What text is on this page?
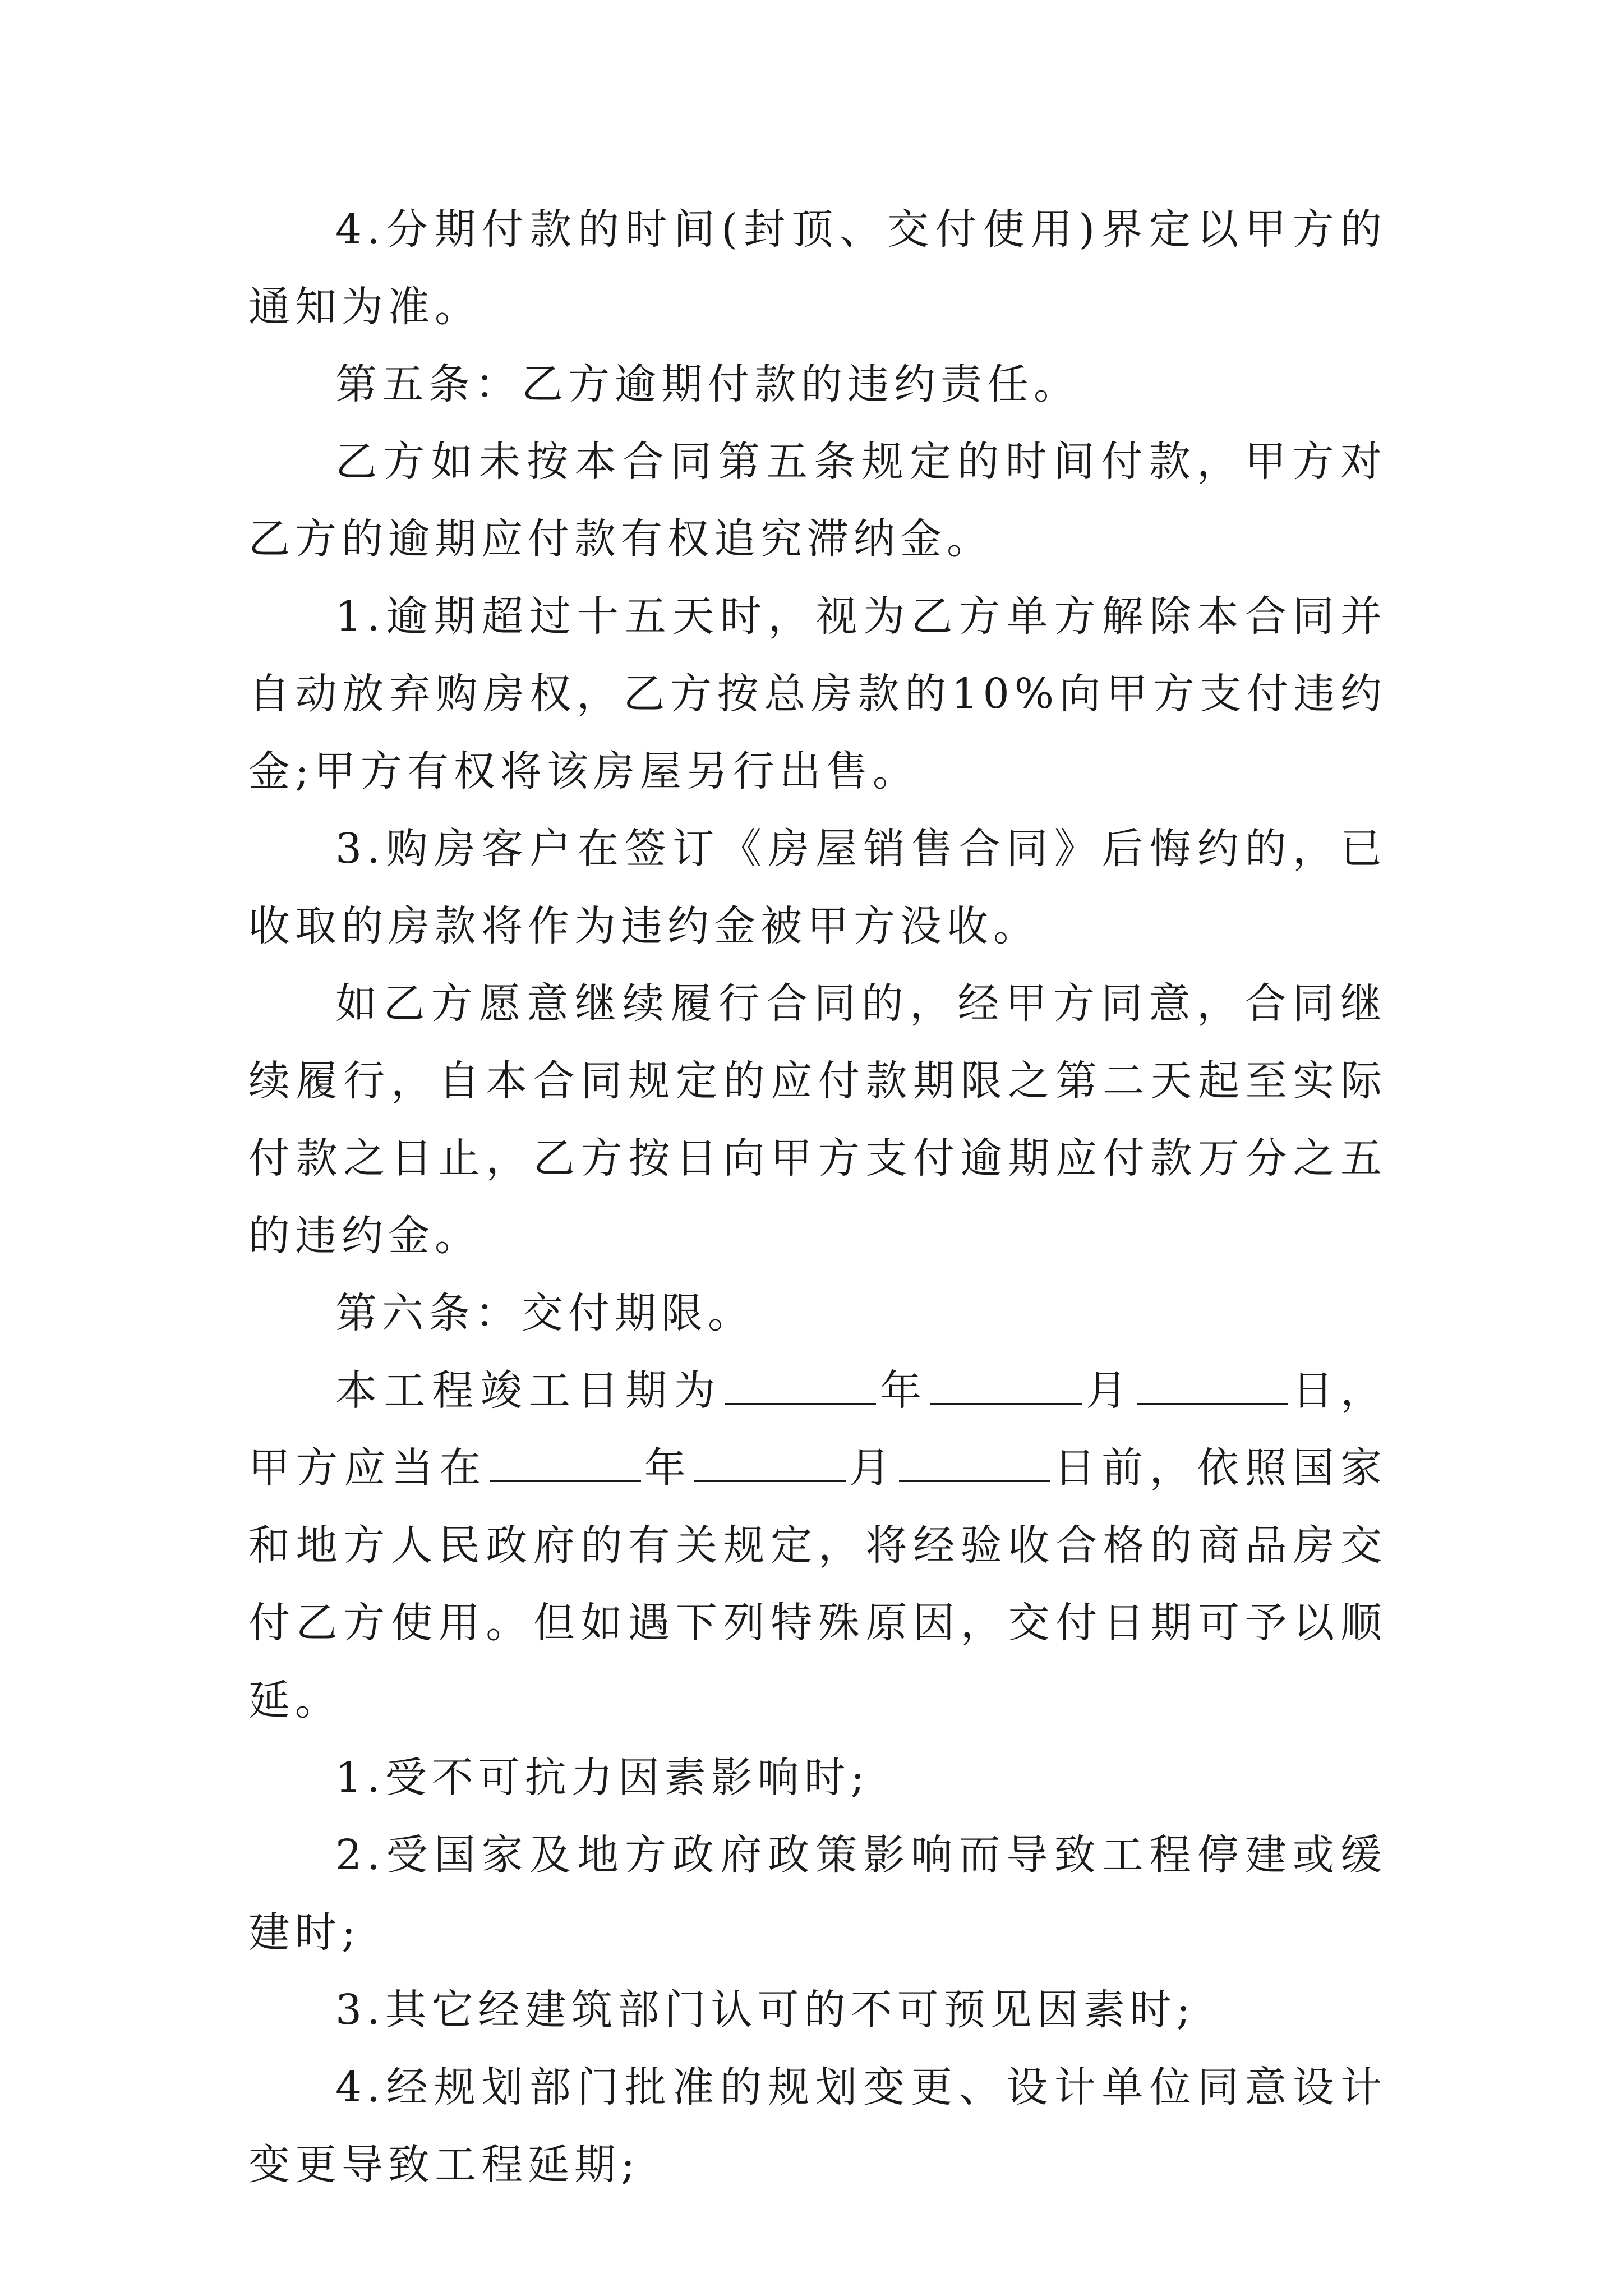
4.分期付款的时间(封顶、交付使用)界定以甲方的通知为准。

第五条：乙方逾期付款的违约责任。

乙方如未按本合同第五条规定的时间付款，甲方对乙方的逾期应付款有权追究滞纳金。

1.逾期超过十五天时，视为乙方单方解除本合同并自动放弃购房权，乙方按总房款的10%向甲方支付违约金;甲方有权将该房屋另行出售。

3.购房客户在签订《房屋销售合同》后悔约的，已收取的房款将作为违约金被甲方没收。

如乙方愿意继续履行合同的，经甲方同意，合同继续履行，自本合同规定的应付款期限之第二天起至实际付款之日止，乙方按日向甲方支付逾期应付款万分之五的违约金。

第六条：交付期限。

本工程竣工日期为	年	月	日，甲方应当在	年	月	日前，依照国家和地方人民政府的有关规定，将经验收合格的商品房交付乙方使用。但如遇下列特殊原因，交付日期可予以顺延。

1.受不可抗力因素影响时;

2.受国家及地方政府政策影响而导致工程停建或缓建时;

3.其它经建筑部门认可的不可预见因素时;

4.经规划部门批准的规划变更、设计单位同意设计变更导致工程延期;
